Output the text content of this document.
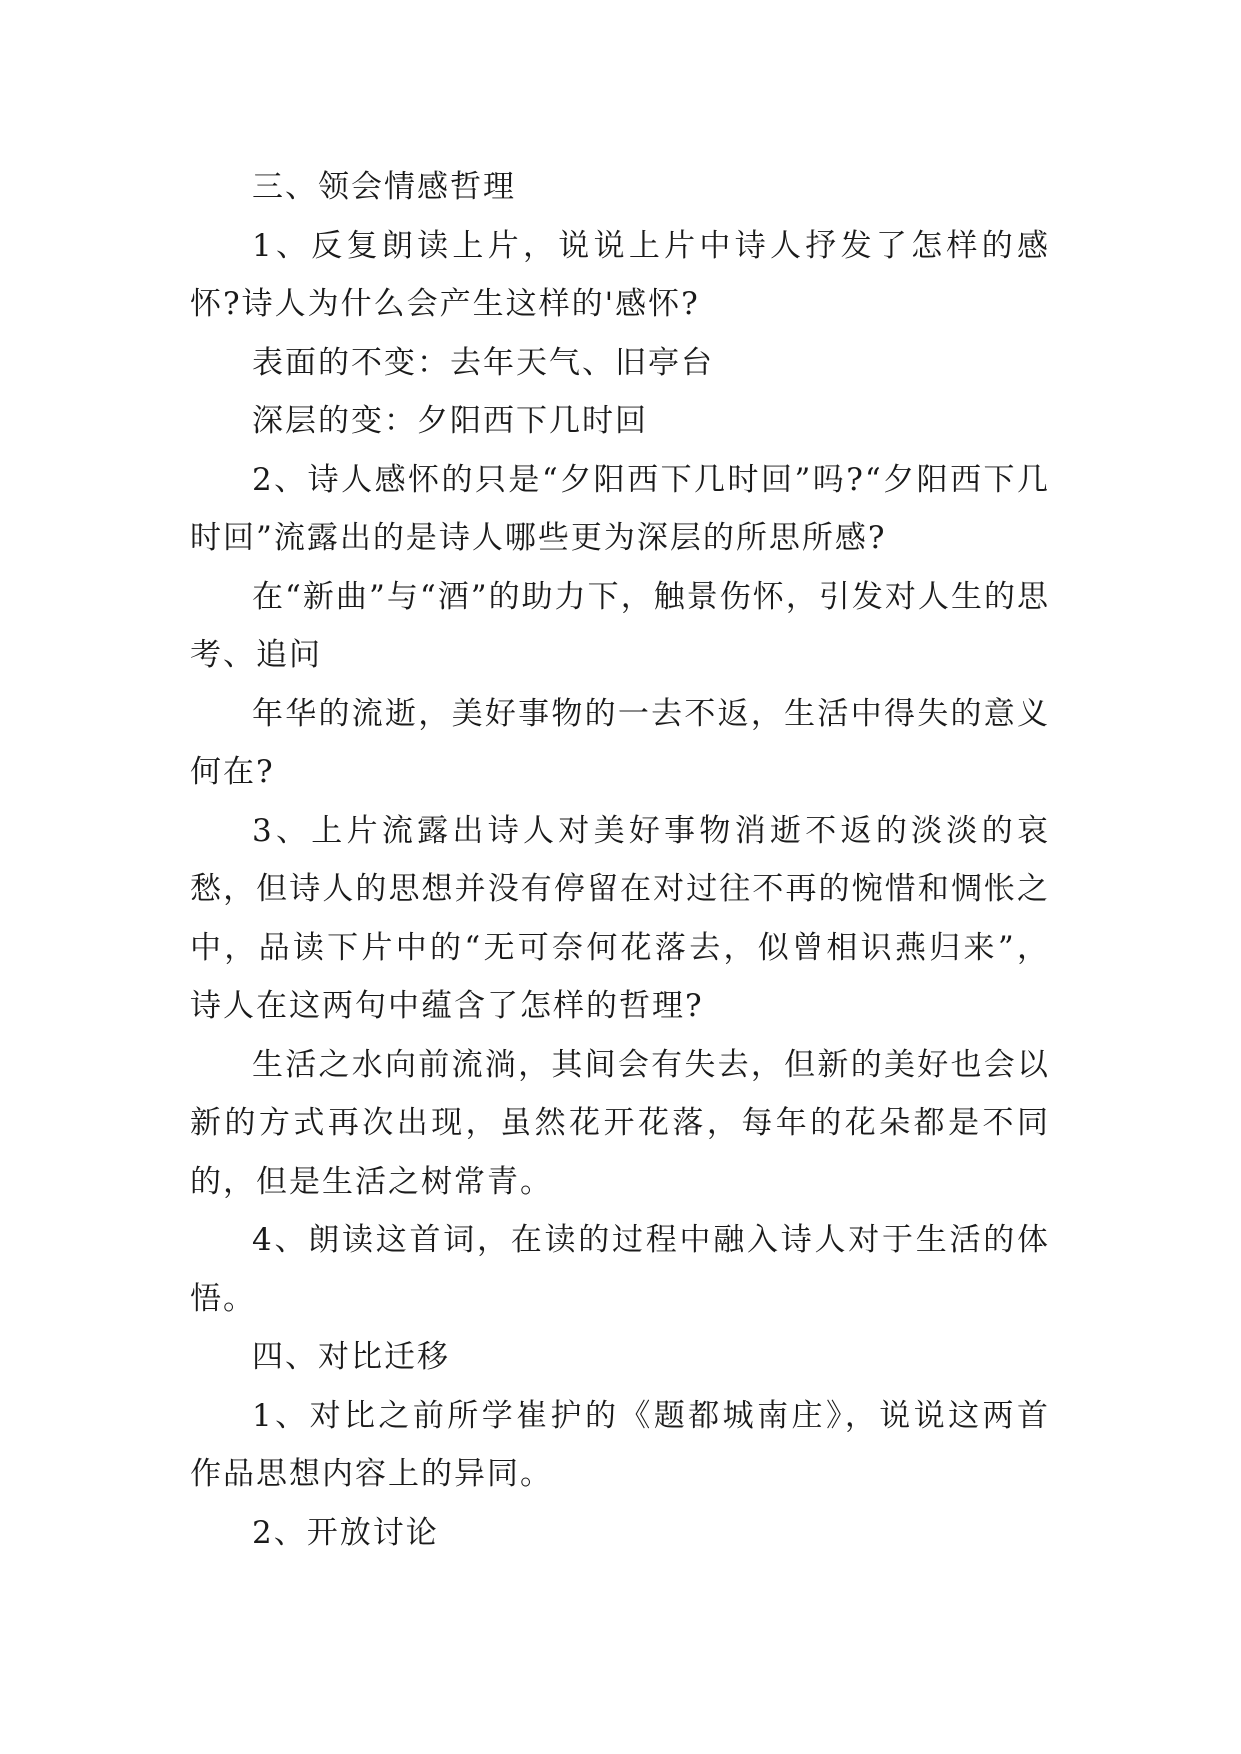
三、领会情感哲理

1、反复朗读上片，说说上片中诗人抒发了怎样的感怀?诗人为什么会产生这样的'感怀?

表面的不变：去年天气、旧亭台

深层的变：夕阳西下几时回

2、诗人感怀的只是“夕阳西下几时回”吗?“夕阳西下几时回”流露出的是诗人哪些更为深层的所思所感?

在“新曲”与“酒”的助力下，触景伤怀，引发对人生的思考、追问

年华的流逝，美好事物的一去不返，生活中得失的意义何在?

3、上片流露出诗人对美好事物消逝不返的淡淡的哀愁，但诗人的思想并没有停留在对过往不再的惋惜和惆怅之中，品读下片中的“无可奈何花落去，似曾相识燕归来”，诗人在这两句中蕴含了怎样的哲理?

生活之水向前流淌，其间会有失去，但新的美好也会以新的方式再次出现，虽然花开花落，每年的花朵都是不同的，但是生活之树常青。

4、朗读这首词，在读的过程中融入诗人对于生活的体悟。

四、对比迁移

1、对比之前所学崔护的《题都城南庄》，说说这两首作品思想内容上的异同。

2、开放讨论
